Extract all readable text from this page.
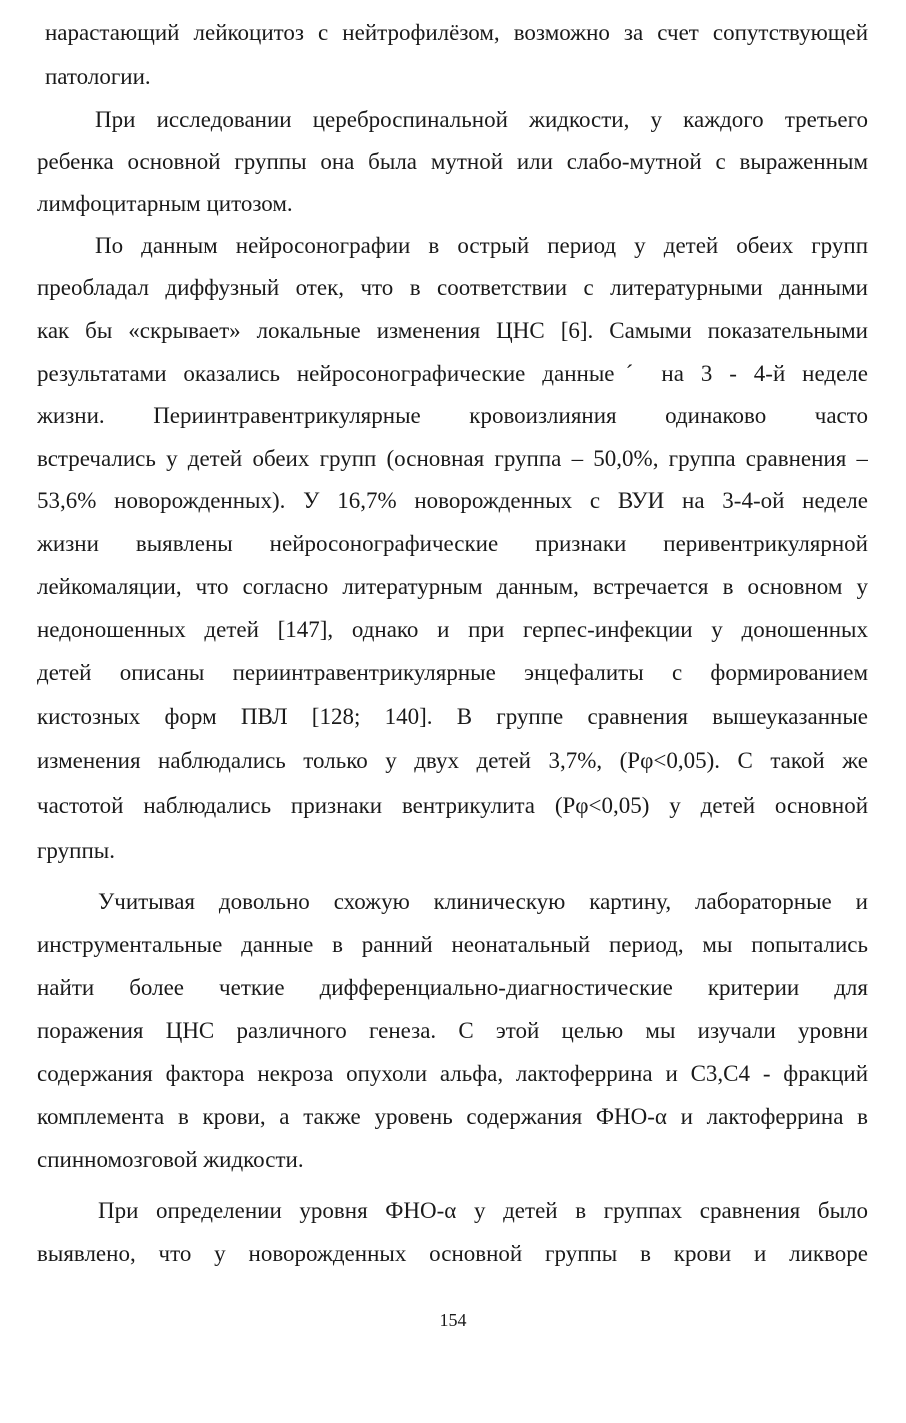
нарастающий лейкоцитоз с нейтрофилёзом, возможно за счет сопутствующей
патологии.
При исследовании цереброспинальной жидкости, у каждого третьего
ребенка основной группы она была мутной или слабо-мутной с выраженным
лимфоцитарным цитозом.
По данным нейросонографии в острый период у детей обеих групп
преобладал диффузный отек, что в соответствии с литературными данными
как бы «скрывает» локальные изменения ЦНС [6]. Самыми показательными
результатами оказались нейросонографические данныеˊ на 3 - 4-й неделе
жизни. Периинтравентрикулярные кровоизлияния одинаково часто
встречались у детей обеих групп (основная группа – 50,0%, группа сравнения –
53,6% новорожденных). У 16,7% новорожденных с ВУИ на 3-4-ой неделе
жизни выявлены нейросонографические признаки перивентрикулярной
лейкомаляции, что согласно литературным данным, встречается в основном у
недоношенных детей [147], однако и при герпес-инфекции у доношенных
детей описаны периинтравентрикулярные энцефалиты с формированием
кистозных форм ПВЛ [128; 140]. В группе сравнения вышеуказанные
изменения наблюдались только у двух детей 3,7%, (Pφ<0,05). С такой же
частотой наблюдались признаки вентрикулита (Pφ<0,05) у детей основной
группы.
Учитывая довольно схожую клиническую картину, лабораторные и
инструментальные данные в ранний неонатальный период, мы попытались
найти более четкие дифференциально-диагностические критерии для
поражения ЦНС различного генеза. С этой целью мы изучали уровни
содержания фактора некроза опухоли альфа, лактоферрина и С3,С4 - фракций
комплемента в крови, а также уровень содержания ФНО-α и лактоферрина в
спинномозговой жидкости.
При определении уровня ФНО-α у детей в группах сравнения было
выявлено, что у новорожденных основной группы в крови и ликворе
154
